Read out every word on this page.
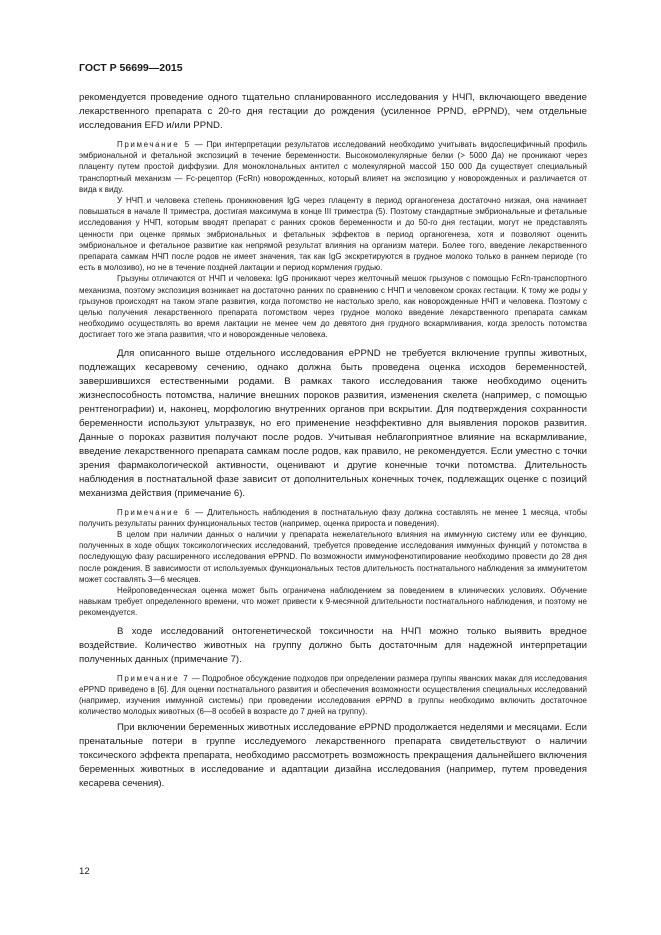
ГОСТ Р 56699—2015

рекомендуется проведение одного тщательно спланированного исследования у НЧП, включающего введение лекарственного препарата с 20-го дня гестации до рождения (усиленное PPND, ePPND), чем отдельные исследования EFD и/или PPND.

Примечание 5 — При интерпретации результатов исследований необходимо учитывать видоспецифичный профиль эмбриональной и фетальной экспозиций в течение беременности. Высокомолекулярные белки (> 5000 Да) не проникают через плаценту путем простой диффузии. Для моноклональных антител с молекулярной массой 150 000 Да существует специальный транспортный механизм — Fc-рецептор (FcRn) новорожденных, который влияет на экспозицию у новорожденных и различается от вида к виду.

У НЧП и человека степень проникновения IgG через плаценту в период органогенеза достаточно низкая, она начинает повышаться в начале II триместра, достигая максимума в конце III триместра (5). Поэтому стандартные эмбриональные и фетальные исследования у НЧП, которым вводят препарат с ранних сроков беременности и до 50-го дня гестации, могут не представлять ценности при оценке прямых эмбриональных и фетальных эффектов в период органогенеза, хотя и позволяют оценить эмбриональное и фетальное развитие как непрямой результат влияния на организм матери. Более того, введение лекарственного препарата самкам НЧП после родов не имеет значения, так как IgG экскретируются в грудное молоко только в раннем периоде (то есть в молозиво), но не в течение поздней лактации и период кормления грудью.

Грызуны отличаются от НЧП и человека: IgG проникают через желточный мешок грызунов с помощью FcRn-транспортного механизма, поэтому экспозиция возникает на достаточно ранних по сравнению с НЧП и человеком сроках гестации. К тому же роды у грызунов происходят на таком этапе развития, когда потомство не настолько зрело, как новорожденные НЧП и человека. Поэтому с целью получения лекарственного препарата потомством через грудное молоко введение лекарственного препарата самкам необходимо осуществлять во время лактации не менее чем до девятого дня грудного вскармливания, когда зрелость потомства достигает того же этапа развития, что и новорожденные человека.

Для описанного выше отдельного исследования ePPND не требуется включение группы животных, подлежащих кесаревому сечению, однако должна быть проведена оценка исходов беременностей, завершившихся естественными родами. В рамках такого исследования также необходимо оценить жизнеспособность потомства, наличие внешних пороков развития, изменения скелета (например, с помощью рентгенографии) и, наконец, морфологию внутренних органов при вскрытии. Для подтверждения сохранности беременности используют ультразвук, но его применение неэффективно для выявления пороков развития. Данные о пороках развития получают после родов. Учитывая неблагоприятное влияние на вскармливание, введение лекарственного препарата самкам после родов, как правило, не рекомендуется. Если уместно с точки зрения фармакологической активности, оценивают и другие конечные точки потомства. Длительность наблюдения в постнатальной фазе зависит от дополнительных конечных точек, подлежащих оценке с позиций механизма действия (примечание 6).

Примечание 6 — Длительность наблюдения в постнатальную фазу должна составлять не менее 1 месяца, чтобы получить результаты ранних функциональных тестов (например, оценка прироста и поведения).

В целом при наличии данных о наличии у препарата нежелательного влияния на иммунную систему или ее функцию, полученных в ходе общих токсикологических исследований, требуется проведение исследования иммунных функций у потомства в последующую фазу расширенного исследования ePPND. По возможности иммунофенотипирование необходимо провести до 28 дня после рождения. В зависимости от используемых функциональных тестов длительность постнатального наблюдения за иммунитетом может составлять 3—6 месяцев.

Нейроповеденческая оценка может быть ограничена наблюдением за поведением в клинических условиях. Обучение навыкам требует определенного времени, что может привести к 9-месячной длительности постнатального наблюдения, и поэтому не рекомендуется.

В ходе исследований онтогенетической токсичности на НЧП можно только выявить вредное воздействие. Количество животных на группу должно быть достаточным для надежной интерпретации полученных данных (примечание 7).

Примечание 7 — Подробное обсуждение подходов при определении размера группы яванских макак для исследования ePPND приведено в [6]. Для оценки постнатального развития и обеспечения возможности осуществления специальных исследований (например, изучения иммунной системы) при проведении исследования ePPND в группы необходимо включить достаточное количество молодых животных (6—8 особей в возрасте до 7 дней на группу).

При включении беременных животных исследование ePPND продолжается неделями и месяцами. Если пренатальные потери в группе исследуемого лекарственного препарата свидетельствуют о наличии токсического эффекта препарата, необходимо рассмотреть возможность прекращения дальнейшего включения беременных животных в исследование и адаптации дизайна исследования (например, путем проведения кесарева сечения).

12
